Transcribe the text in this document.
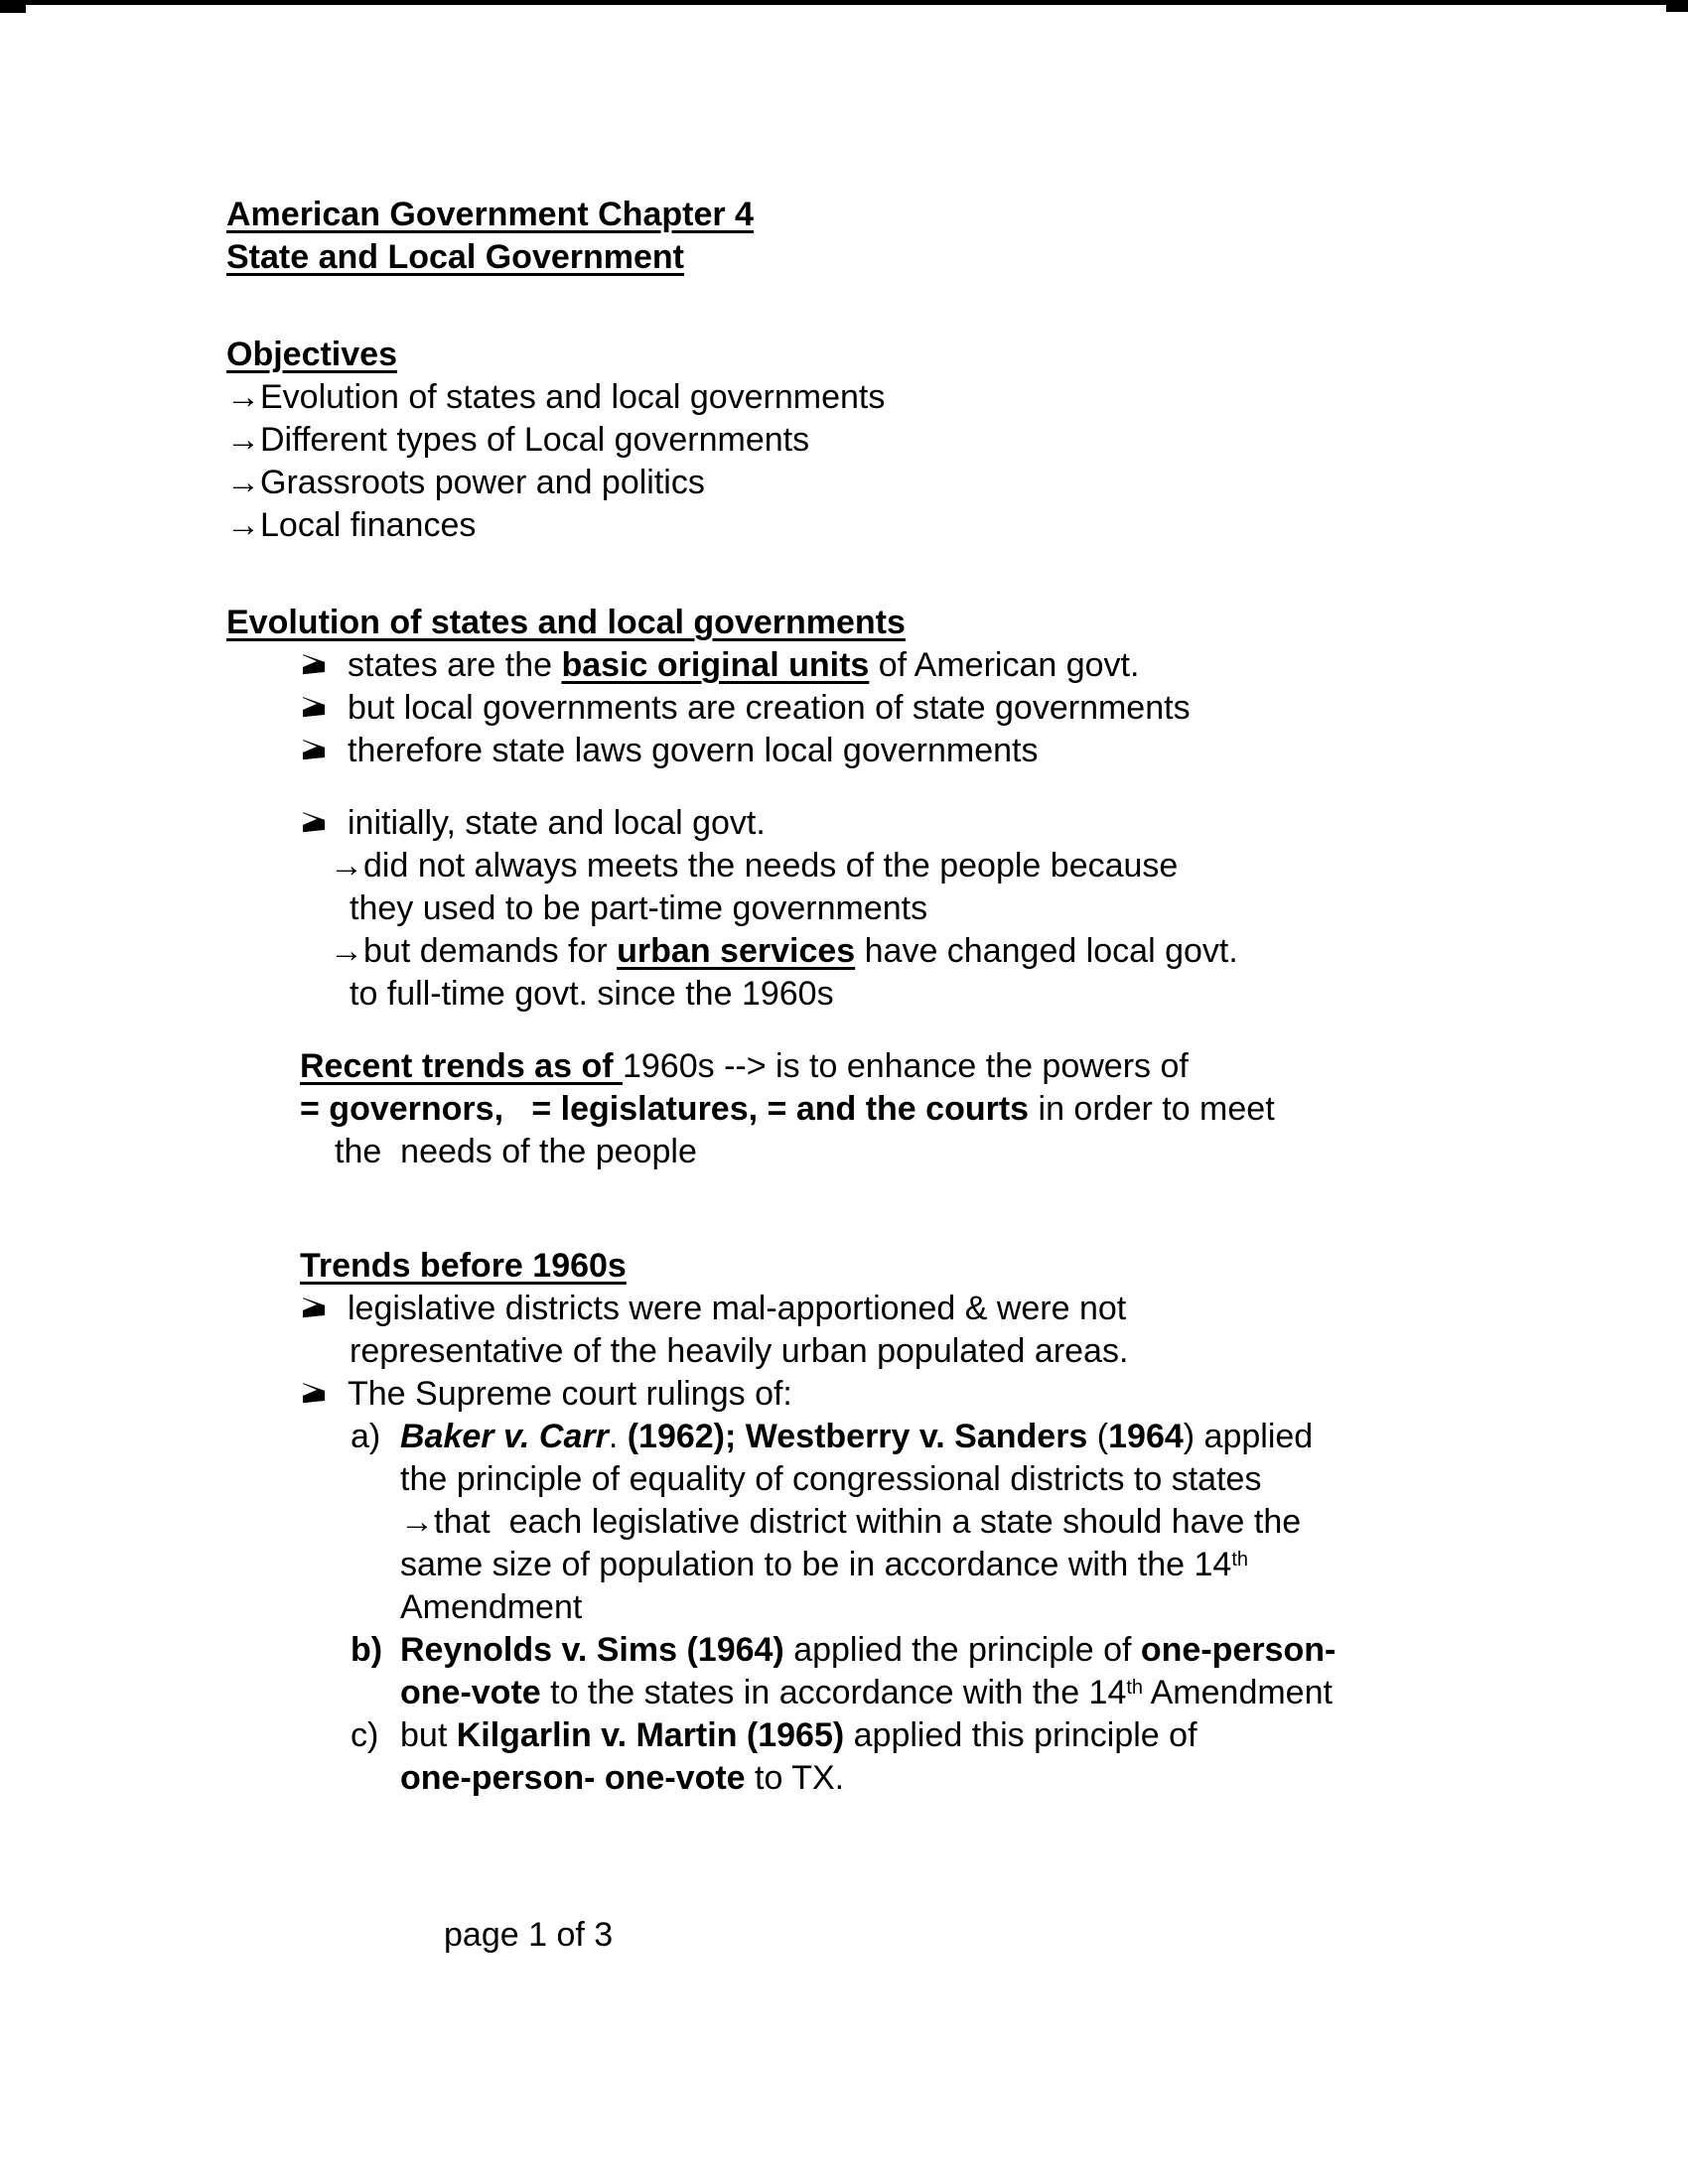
American Government Chapter 4
State and Local Government
Objectives
→Evolution of states and local governments
→Different types of Local governments
→Grassroots power and politics
→Local finances
Evolution of states and local governments
states are the basic original units of American govt.
but local governments are creation of state governments
therefore state laws govern local governments
initially, state and local govt.
→did not always meets the needs of the people because
they used to be part-time governments
→but demands for urban services have changed local govt.
to full-time govt. since the 1960s
Recent trends as of 1960s --> is to enhance the powers of
= governors,   = legislatures, = and the courts in order to meet
the  needs of the people
Trends before 1960s
legislative districts were mal-apportioned & were not
representative of the heavily urban populated areas.
The Supreme court rulings of:
a) Baker v. Carr. (1962); Westberry v. Sanders (1964) applied
the principle of equality of congressional districts to states
→that  each legislative district within a state should have the
same size of population to be in accordance with the 14th
Amendment
b) Reynolds v. Sims (1964) applied the principle of one-person-
one-vote to the states in accordance with the 14th Amendment
c) but Kilgarlin v. Martin (1965) applied this principle of
one-person- one-vote to TX.
page 1 of 3
